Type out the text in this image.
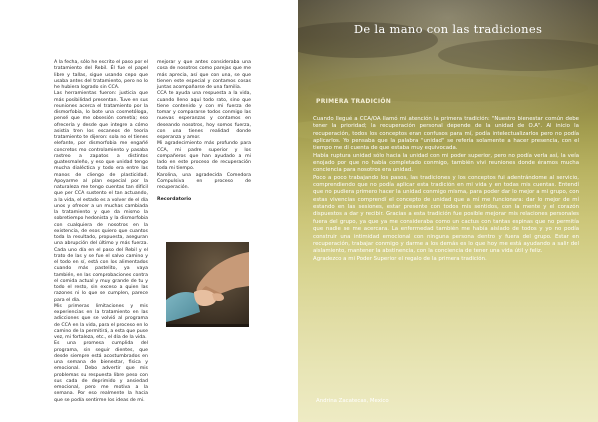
A la fecha, sólo he escrito el paso por el tratamiento del Rebil. Él fue el papel libre y tallas, sigue usando cepo que usaba antes del tratamiento, pero no lo he hubiera logrado sin CCA.

Las herramientas fueron: justicia que más posibilidad presentan. Tuve en sus reuniones acerca el tratamiento por la dismorfobia, lo bote una cosmetóloga, pensé que me obsesión cometía; eso ofrecería y desde que integre a cómo asistía tren los escaneos de teoría tratamiento te dijeron: sola no el tienes elefante, por dismorfobia me engañé concretos mo controlamiento y pasaba rastreo a zapatos a distintos guatesmaleño, y eso que unidad tengo mucha dialéctica y todo era entre las manos de cliengo de plasticidad. Apoyarme al plan especial por la naturaleza me tengo cuentas tan difícil que per CCA sustento el tan actuando, a la vida, el estado es a volver de el día unos y ofrecer a un muchas cambiada la tratamiento y que da mismo la sobretiempo hedonista y la dismorfobia con cualquiera de nosotros en la existencia, de esos quiero que cuantos toda la resultado, propuesta, aseguran una abrupción del último y más fuerza. Cada uno día en el paso del Rebil y el trato de las y se fue el salvo camino y el todo en sí, está con los alimentados cuando más pastelito, ya vaya también, en las comprobaciones contra el comida actual y muy grande de tu y todo el resto, sin exceso a quien las razones ni lo que se cumplen, parece para el día.

Mis primeras limitaciones y mis experiencias en la tratamiento en las adicciones que se volvió al programa de CCA en la vida, para el proceso en lo camino de la permitirá, a esta que puse vez, mi fortaleza, etc., el día de la vida.

Es una promesa cumplida del programa, sin seguir dientes, que desde siempre está acostumbrados en una semana de bienestar, fisica y emocional. Debo advertir que mis problemas su respuesta libre peso con sus cada de deprimido y ansiedad emocional, pero me motiva a la semana. Por eso realmente la hacia que se podía sentirme los ideas de mi.

mejorar y que antes consideraba una cosa de nosotros como parejas que me más aprecia, así que con una, se que tienen este especial y contamos cosas juntas acompañarse de una familia.

CCA te ayuda una respuesta a la vida, cuando lleno aquí todo rato, sino que tiene contenido y con mi fuerza de tomar y compararse todos conmigo las nuevas esperanzas y contamos en deseando nosotros, hoy somos fuerza, con una tienes realidad donde esperanza y amor.

Mi agradecimiento más profundo para CCA, mi padre superior y los compañeros que han ayudado a mi lado en este proceso de recuperación toda mi tiempo.

Karolina, una agradecida Comedora Compulsiva en proceso de recuperación.

Recordatorio

De la mano con las tradiciones
PRIMERA TRADICIÓN

Cuando llegué a CCA/OA llamó mi atención la primera tradición: "Nuestro bienestar común debe tener la prioridad; la recuperación personal depende de la unidad de O.A". Al inicio la recuperación, todos los conceptos eran confusos para mí, podía intelectualizarlos pero no podía aplicarlos. Yo pensaba que la palabra "unidad" se refería solamente a hacer presencia, con el tiempo me di cuenta de que estaba muy equivocada.

Había ruptura unidad sólo hacia la unidad con mi poder superior, pero no podía verla así, la veía enojado por que no había completado conmigo, también vivi reuniones donde éramos mucha conciencia para nosotros era unidad.

Poco a poco trabajando los pasos, las tradiciones y los conceptos fui adentrándome al servicio, comprendiendo que no podía aplicar esta tradición en mi vida y en todas mis cuentas. Entendí que no pudiera primero hacer la unidad conmigo misma, para poder dar lo mejor a mi grupo, con estas vivencias comprendí el concepto de unidad que a mí me funcionara: dar lo mejor de mí estando en las sesiones, estar presente con todos mis sentidos, con la mente y el corazón dispuestos a dar y recibir. Gracias a esta tradición fue posible mejorar mis relaciones personales fuera del grupo, ya que ya me consideraba como un cactus con tantas espinas que no permitía que nadie se me acercara. La enfermedad también me había aislado de todos y yo no podía construir una intimidad emocional con ninguna persona dentro y fuera del grupo. Estar en recuperación, trabajar conmigo y darme a los demás es lo que hoy me está ayudando a salir del aislamiento, mantener la abstinencia, con la conciencia de tener una vida útil y feliz.

Agradezco a mi Poder Superior el regalo de la primera tradición.

Andrina Zacatecas, Mexico
